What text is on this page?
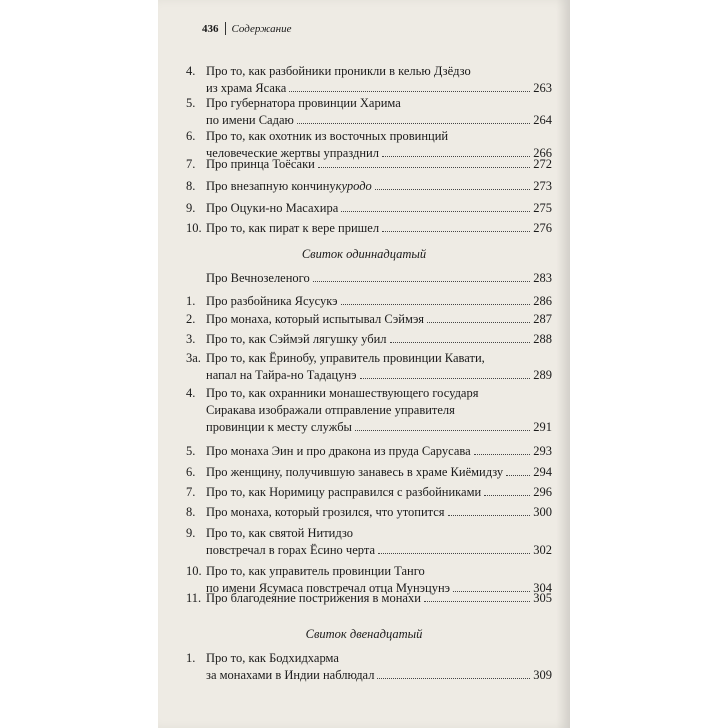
436 Содержание
4. Про то, как разбойники проникли в келью Дзёдзо
из храма Ясака	263
5. Про губернатора провинции Харима
по имени Садаю	264
6. Про то, как охотник из восточных провинций
человеческие жертвы упразднил	266
7. Про принца Тоёсаки	272
8. Про внезапную кончину куродо	273
9. Про Оцуки-но Масахира	275
10. Про то, как пират к вере пришел	276
Свиток одиннадцатый
Про Вечнозеленого	283
1. Про разбойника Ясусукэ	286
2. Про монаха, который испытывал Сэймэя	287
3. Про то, как Сэймэй лягушку убил	288
3а. Про то, как Ёринобу, управитель провинции Кавати,
напал на Тайра-но Тадацунэ	289
4. Про то, как охранники монашествующего государя
Сиракава изображали отправление управителя
провинции к месту службы	291
5. Про монаха Эин и про дракона из пруда Сарусава	293
6. Про женщину, получившую занавесь в храме Киёмидзу 294
7. Про то, как Норимицу расправился с разбойниками	296
8. Про монаха, который грозился, что утопится	300
9. Про то, как святой Нитидзо
повстречал в горах Ёсино черта	302
10. Про то, как управитель провинции Танго
по имени Ясумаса повстречал отца Мунэцунэ	304
11. Про благодеяние пострижения в монахи	305
Свиток двенадцатый
1. Про то, как Бодхидхарма
за монахами в Индии наблюдал	309
